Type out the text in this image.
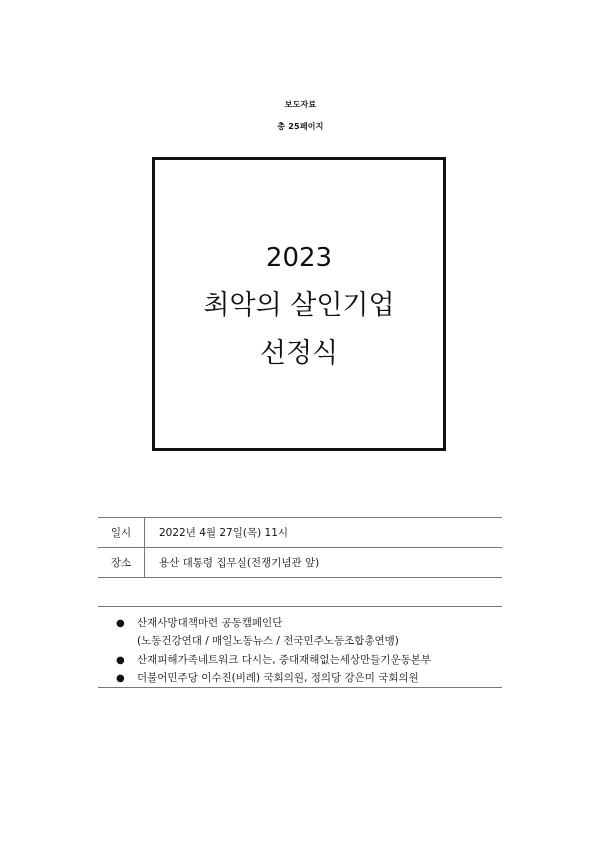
보도자료
총 25페이지
2023
최악의 살인기업
선정식
일시	2022년 4월 27일(목) 11시
장소	용산 대통령 집무실(전쟁기념관 앞)
● 산재사망대책마련 공동캠페인단
(노동건강연대 / 매일노동뉴스 / 전국민주노동조합총연맹)
● 산재피해가족네트워크 다시는, 중대재해없는세상만들기운동본부
● 더불어민주당 이수진(비례) 국회의원, 정의당 강은미 국회의원
